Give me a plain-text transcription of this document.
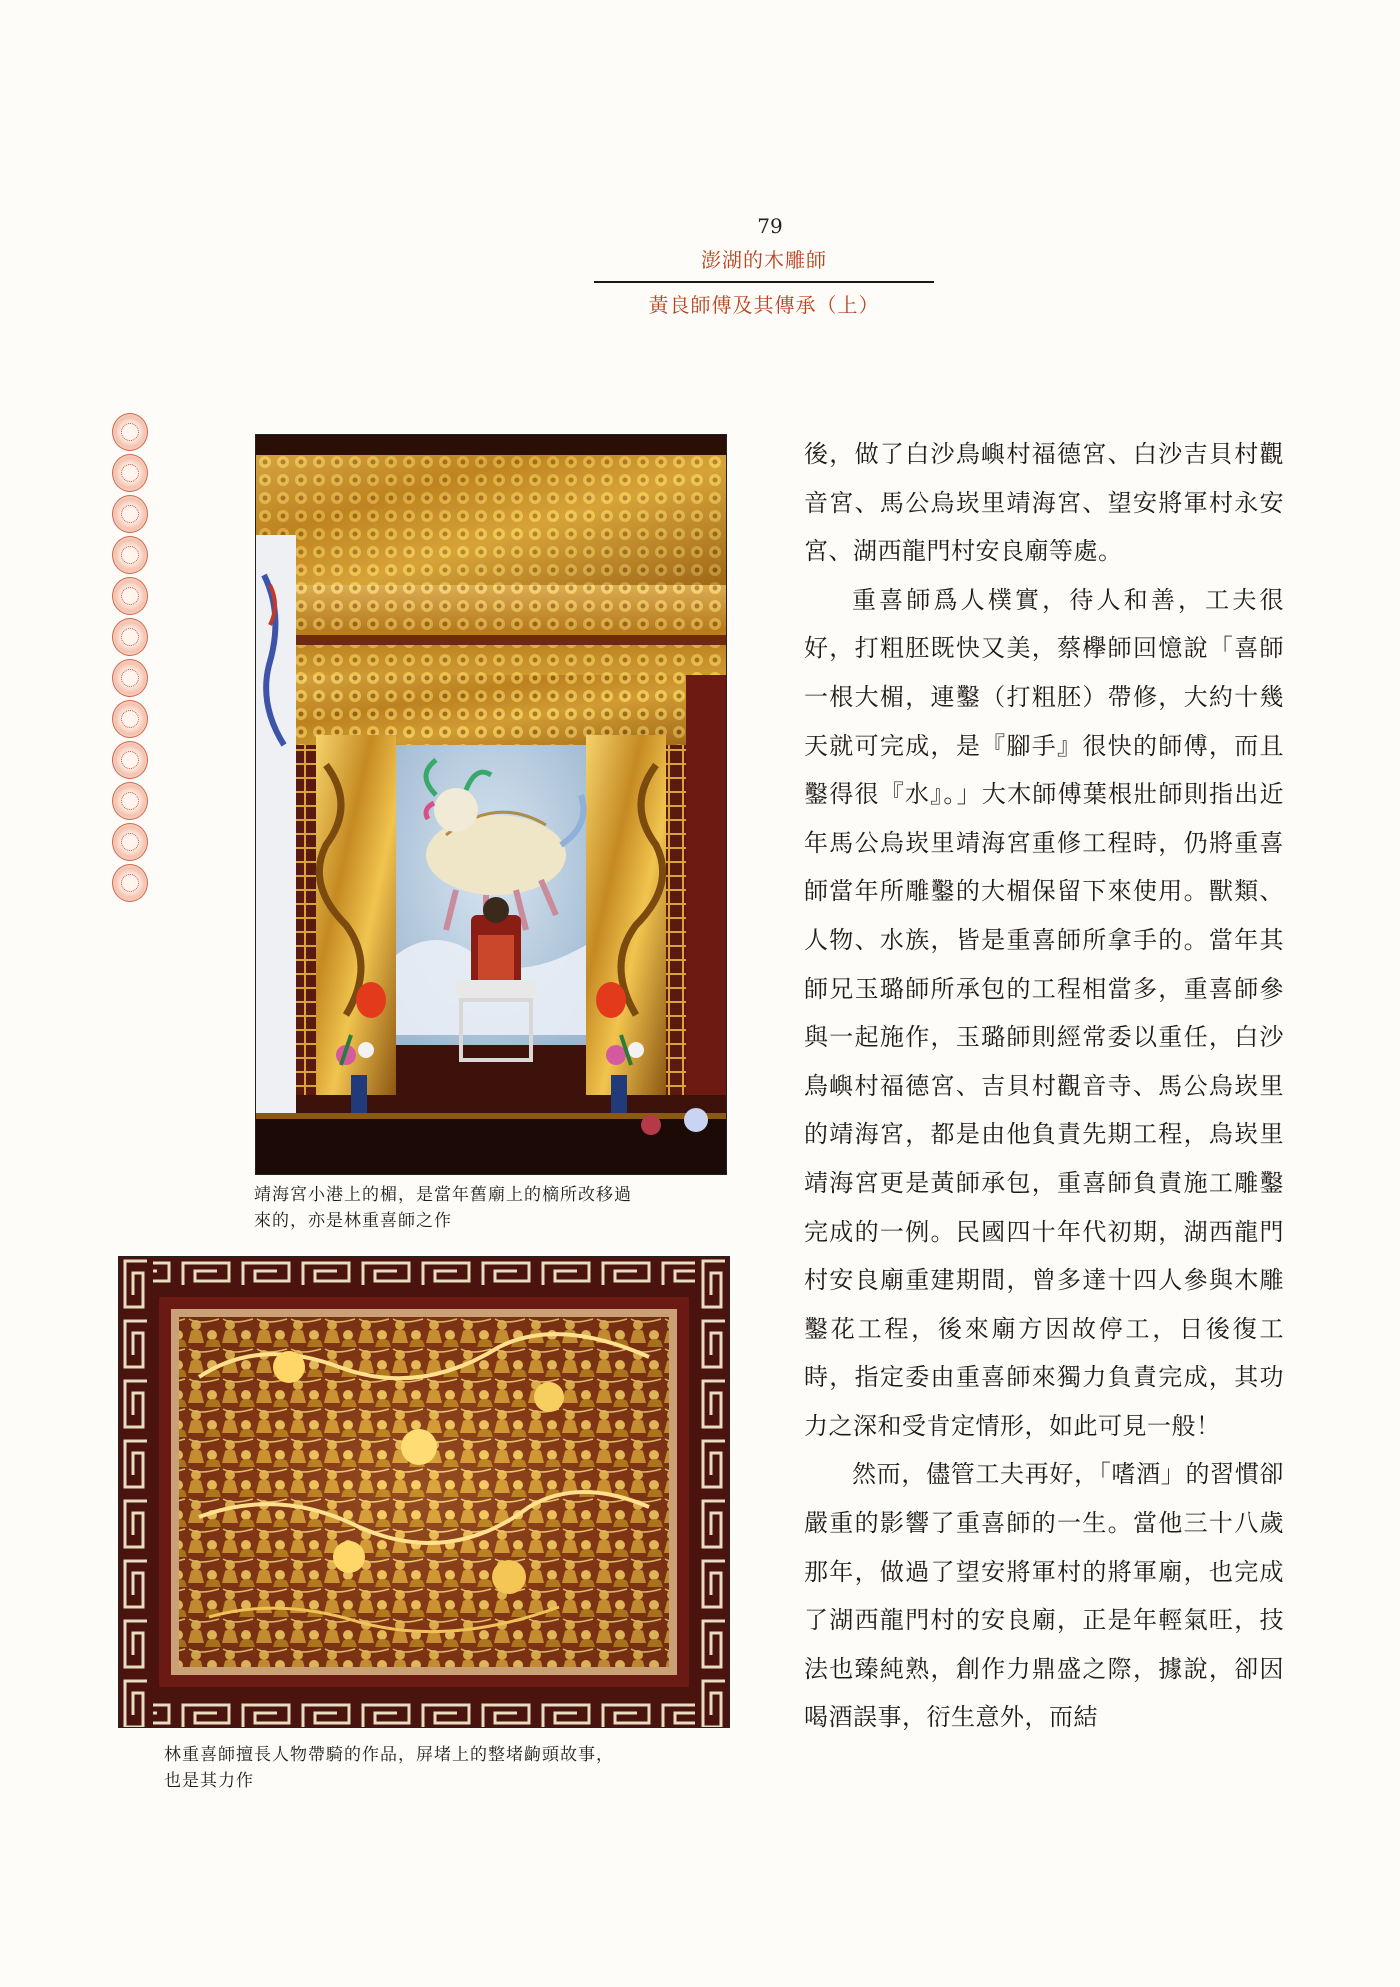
79
澎湖的木雕師
黃良師傅及其傳承（上）
靖海宮小港上的楣，是當年舊廟上的樀所改移過
來的，亦是林重喜師之作
林重喜師擅長人物帶騎的作品，屏堵上的整堵齣頭故事，
也是其力作

後，做了白沙鳥嶼村福德宮、白沙吉貝村觀音宮、馬公烏崁里靖海宮、望安將軍村永安宮、湖西龍門村安良廟等處。

重喜師爲人樸實，待人和善，工夫很好，打粗胚既快又美，蔡欅師回憶說「喜師一根大楣，連鑿（打粗胚）帶修，大約十幾天就可完成，是『腳手』很快的師傅，而且鑿得很『水』。」大木師傅葉根壯師則指出近年馬公烏崁里靖海宮重修工程時，仍將重喜師當年所雕鑿的大楣保留下來使用。獸類、人物、水族，皆是重喜師所拿手的。當年其師兄玉璐師所承包的工程相當多，重喜師參與一起施作，玉璐師則經常委以重任，白沙鳥嶼村福德宮、吉貝村觀音寺、馬公烏崁里的靖海宮，都是由他負責先期工程，烏崁里靖海宮更是黃師承包，重喜師負責施工雕鑿完成的一例。民國四十年代初期，湖西龍門村安良廟重建期間，曾多達十四人參與木雕鑿花工程，後來廟方因故停工，日後復工時，指定委由重喜師來獨力負責完成，其功力之深和受肯定情形，如此可見一般！

然而，儘管工夫再好，「嗜酒」的習慣卻嚴重的影響了重喜師的一生。當他三十八歲那年，做過了望安將軍村的將軍廟，也完成了湖西龍門村的安良廟，正是年輕氣旺，技法也臻純熟，創作力鼎盛之際，據說，卻因喝酒誤事，衍生意外，而結
